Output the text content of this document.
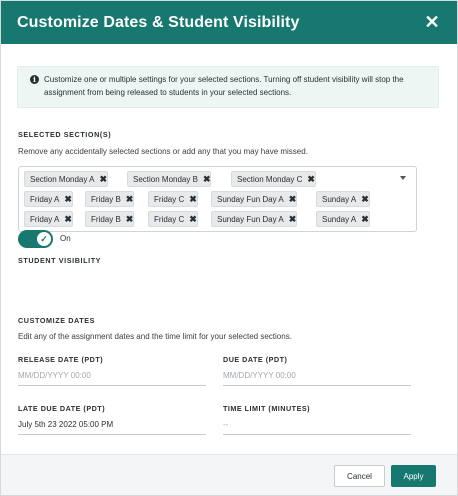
Customize Dates & Student Visibility	✕
i	Customize one or multiple settings for your selected sections. Turning off student visibility will stop the assignment from being released to students in your selected sections.
SELECTED SECTION(S)
Remove any accidentally selected sections or add any that you may have missed.
Section Monday A ✖	Section Monday B ✖	Section Monday C ✖
Friday A ✖ Friday B ✖	Friday C ✖	Sunday Fun Day A ✖	Sunday A ✖
Friday A ✖ Friday B ✖	Friday C ✖	Sunday Fun Day A ✖	Sunday A ✖
STUDENT VISIBILITY
✓	On
CUSTOMIZE DATES
Edit any of the assignment dates and the time limit for your selected sections.
RELEASE DATE (PDT)
MM/DD/YYYY 00:00
DUE DATE (PDT)
MM/DD/YYYY 00:00
LATE DUE DATE (PDT)
July 5th 23 2022 05:00 PM
TIME LIMIT (MINUTES)
--
Cancel	Apply
